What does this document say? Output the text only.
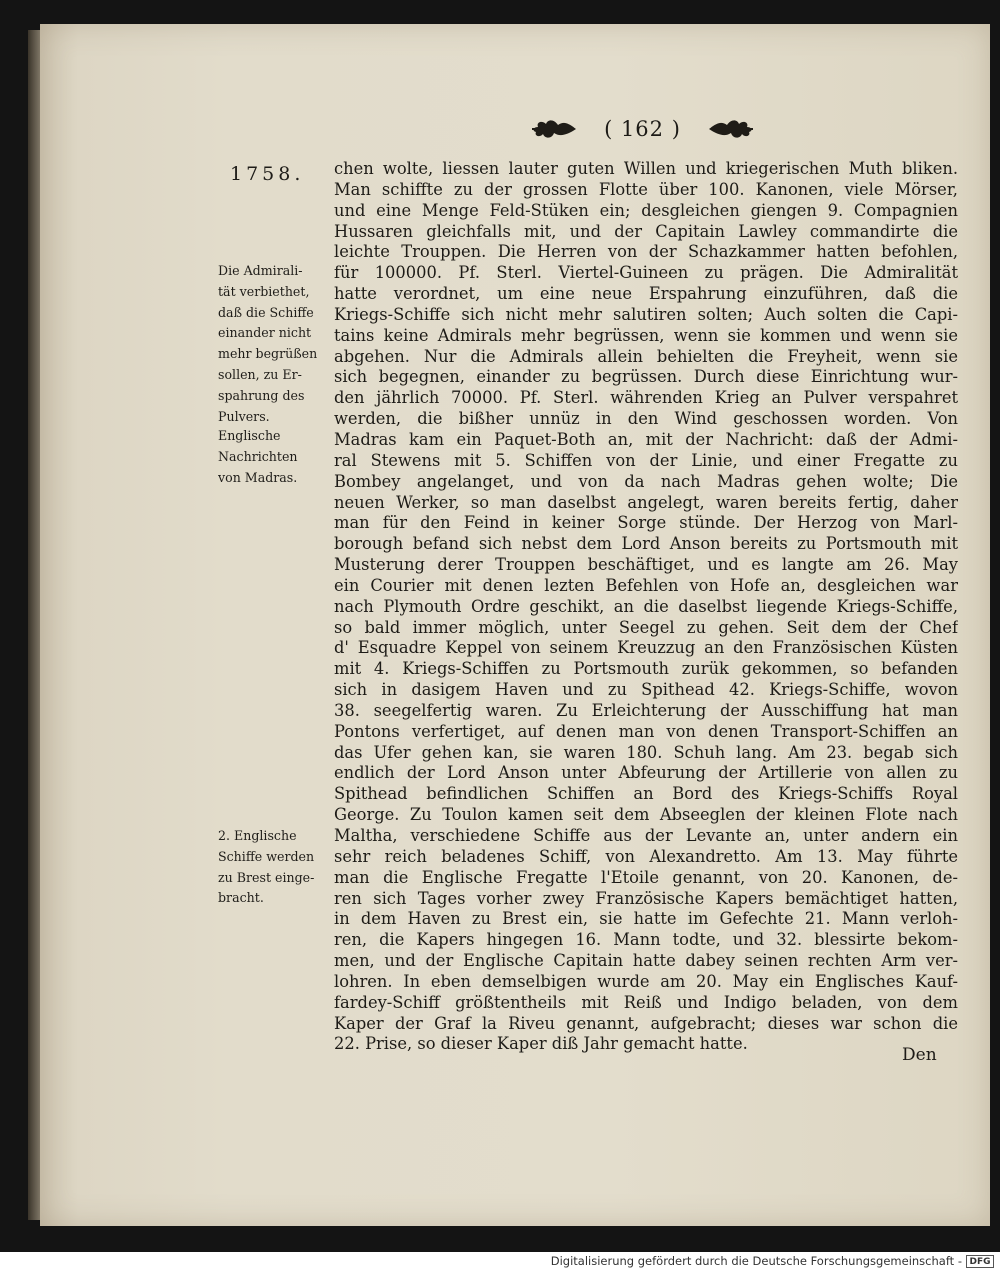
( 162 )
1758.
Die Admirali-
tät verbiethet,
daß die Schiffe
einander nicht
mehr begrüßen
sollen, zu Er-
spahrung des
Pulvers.
Englische
Nachrichten
von Madras.
2. Englische
Schiffe werden
zu Brest einge-
bracht.
chen wolte, liessen lauter guten Willen und kriegerischen Muth bliken.
Man schiffte zu der grossen Flotte über 100. Kanonen, viele Mörser,
und eine Menge Feld-Stüken ein; desgleichen giengen 9. Compagnien
Hussaren gleichfalls mit, und der Capitain Lawley commandirte die
leichte Trouppen. Die Herren von der Schazkammer hatten befohlen,
für 100000. Pf. Sterl. Viertel-Guineen zu prägen. Die Admiralität
hatte verordnet, um eine neue Erspahrung einzuführen, daß die
Kriegs-Schiffe sich nicht mehr salutiren solten; Auch solten die Capi-
tains keine Admirals mehr begrüssen, wenn sie kommen und wenn sie
abgehen. Nur die Admirals allein behielten die Freyheit, wenn sie
sich begegnen, einander zu begrüssen. Durch diese Einrichtung wur-
den jährlich 70000. Pf. Sterl. währenden Krieg an Pulver verspahret
werden, die bißher unnüz in den Wind geschossen worden. Von
Madras kam ein Paquet-Both an, mit der Nachricht: daß der Admi-
ral Stewens mit 5. Schiffen von der Linie, und einer Fregatte zu
Bombey angelanget, und von da nach Madras gehen wolte; Die
neuen Werker, so man daselbst angelegt, waren bereits fertig, daher
man für den Feind in keiner Sorge stünde. Der Herzog von Marl-
borough befand sich nebst dem Lord Anson bereits zu Portsmouth mit
Musterung derer Trouppen beschäftiget, und es langte am 26. May
ein Courier mit denen lezten Befehlen von Hofe an, desgleichen war
nach Plymouth Ordre geschikt, an die daselbst liegende Kriegs-Schiffe,
so bald immer möglich, unter Seegel zu gehen. Seit dem der Chef
d' Esquadre Keppel von seinem Kreuzzug an den Französischen Küsten
mit 4. Kriegs-Schiffen zu Portsmouth zurük gekommen, so befanden
sich in dasigem Haven und zu Spithead 42. Kriegs-Schiffe, wovon
38. seegelfertig waren. Zu Erleichterung der Ausschiffung hat man
Pontons verfertiget, auf denen man von denen Transport-Schiffen an
das Ufer gehen kan, sie waren 180. Schuh lang. Am 23. begab sich
endlich der Lord Anson unter Abfeurung der Artillerie von allen zu
Spithead befindlichen Schiffen an Bord des Kriegs-Schiffs Royal
George. Zu Toulon kamen seit dem Abseeglen der kleinen Flote nach
Maltha, verschiedene Schiffe aus der Levante an, unter andern ein
sehr reich beladenes Schiff, von Alexandretto. Am 13. May führte
man die Englische Fregatte l'Etoile genannt, von 20. Kanonen, de-
ren sich Tages vorher zwey Französische Kapers bemächtiget hatten,
in dem Haven zu Brest ein, sie hatte im Gefechte 21. Mann verloh-
ren, die Kapers hingegen 16. Mann todte, und 32. blessirte bekom-
men, und der Englische Capitain hatte dabey seinen rechten Arm ver-
lohren. In eben demselbigen wurde am 20. May ein Englisches Kauf-
fardey-Schiff größtentheils mit Reiß und Indigo beladen, von dem
Kaper der Graf la Riveu genannt, aufgebracht; dieses war schon die
22. Prise, so dieser Kaper diß Jahr gemacht hatte.
Den
Digitalisierung gefördert durch die Deutsche Forschungsgemeinschaft - DFG
